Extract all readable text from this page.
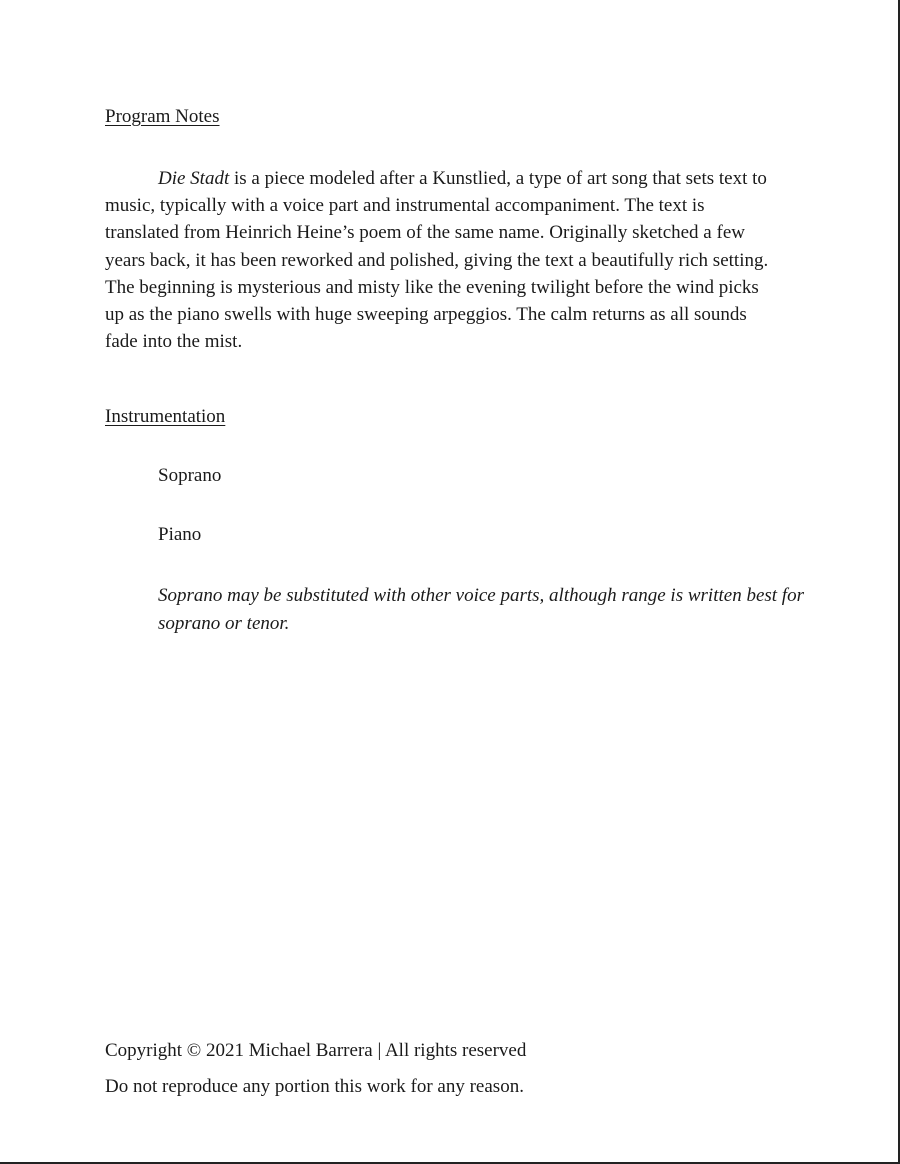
Program Notes

Die Stadt is a piece modeled after a Kunstlied, a type of art song that sets text to music, typically with a voice part and instrumental accompaniment. The text is translated from Heinrich Heine’s poem of the same name. Originally sketched a few years back, it has been reworked and polished, giving the text a beautifully rich setting. The beginning is mysterious and misty like the evening twilight before the wind picks up as the piano swells with huge sweeping arpeggios. The calm returns as all sounds fade into the mist.

Instrumentation

Soprano

Piano

Soprano may be substituted with other voice parts, although range is written best for soprano or tenor.

Copyright © 2021 Michael Barrera | All rights reserved

Do not reproduce any portion this work for any reason.
